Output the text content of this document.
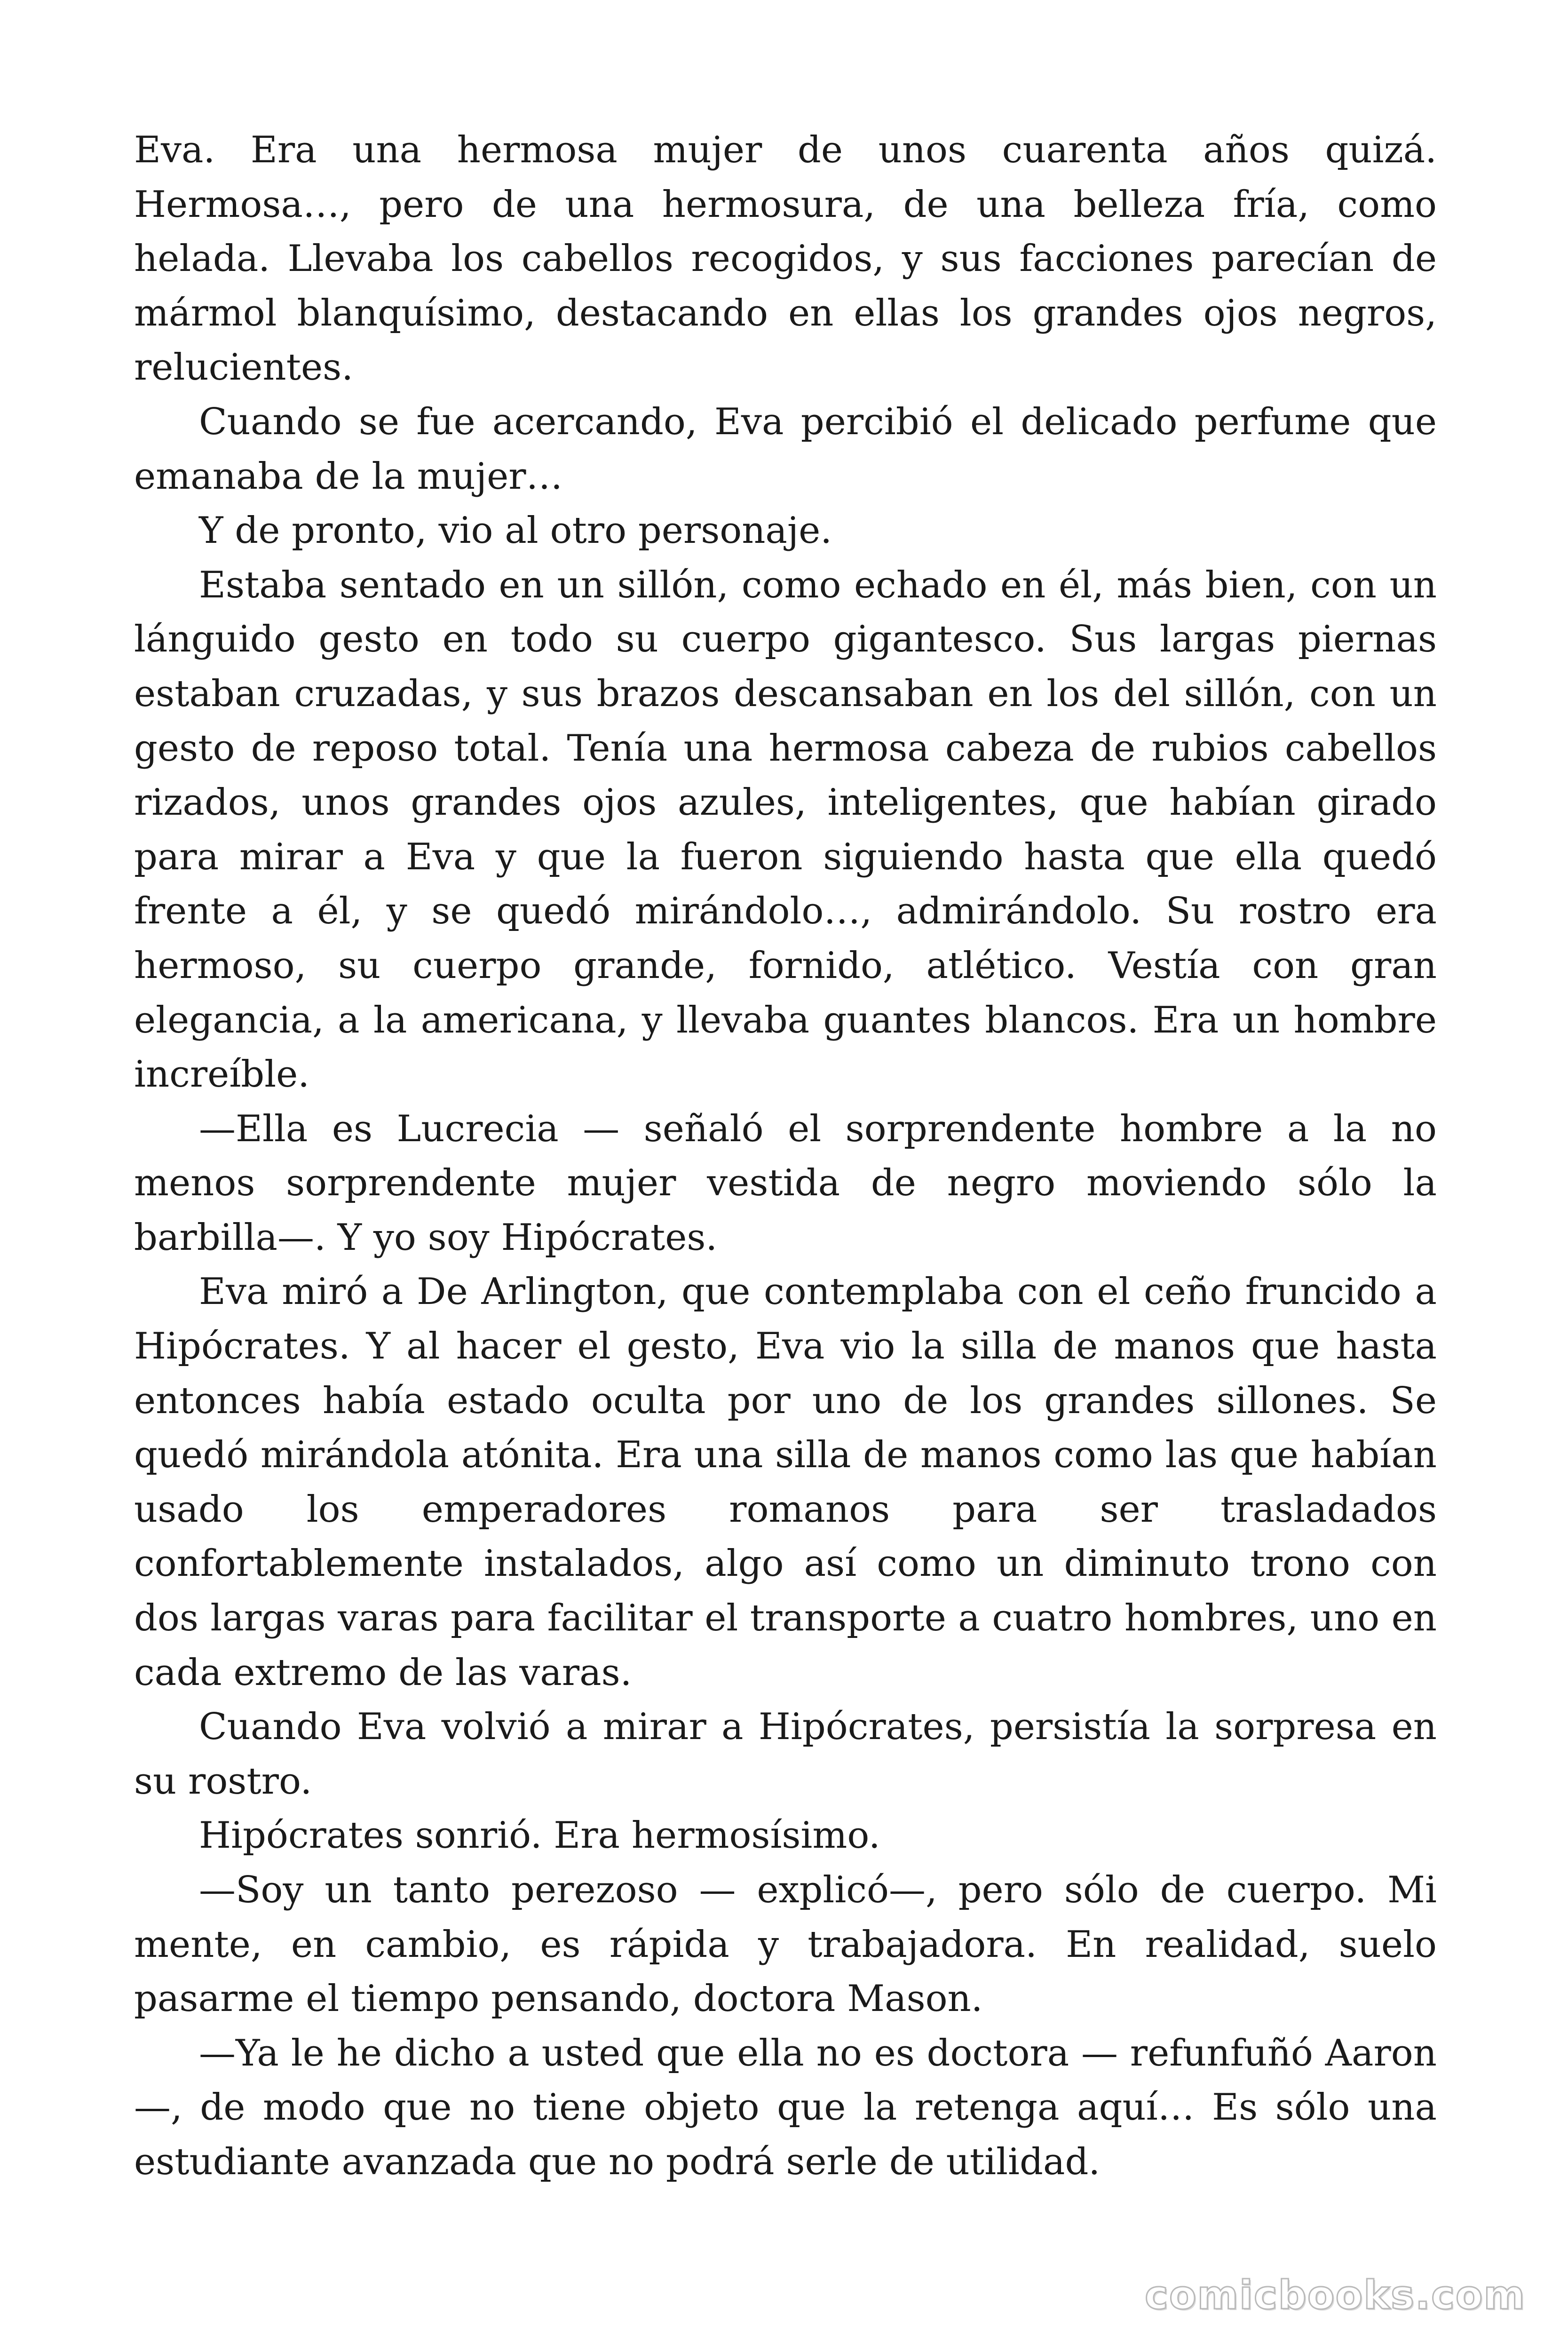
Eva. Era una hermosa mujer de unos cuarenta años quizá. Hermosa…, pero de una hermosura, de una belleza fría, como helada. Llevaba los cabellos recogidos, y sus facciones parecían de mármol blanquísimo, destacando en ellas los grandes ojos negros, relucientes.

Cuando se fue acercando, Eva percibió el delicado perfume que emanaba de la mujer…

Y de pronto, vio al otro personaje.

Estaba sentado en un sillón, como echado en él, más bien, con un lánguido gesto en todo su cuerpo gigantesco. Sus largas piernas estaban cruzadas, y sus brazos descansaban en los del sillón, con un gesto de reposo total. Tenía una hermosa cabeza de rubios cabellos rizados, unos grandes ojos azules, inteligentes, que habían girado para mirar a Eva y que la fueron siguiendo hasta que ella quedó frente a él, y se quedó mirándolo…, admirándolo. Su rostro era hermoso, su cuerpo grande, fornido, atlético. Vestía con gran elegancia, a la americana, y llevaba guantes blancos. Era un hombre increíble.

—Ella es Lucrecia — señaló el sorprendente hombre a la no menos sorprendente mujer vestida de negro moviendo sólo la barbilla—. Y yo soy Hipócrates.

Eva miró a De Arlington, que contemplaba con el ceño fruncido a Hipócrates. Y al hacer el gesto, Eva vio la silla de manos que hasta entonces había estado oculta por uno de los grandes sillones. Se quedó mirándola atónita. Era una silla de manos como las que habían usado los emperadores romanos para ser trasladados confortablemente instalados, algo así como un diminuto trono con dos largas varas para facilitar el transporte a cuatro hombres, uno en cada extremo de las varas.

Cuando Eva volvió a mirar a Hipócrates, persistía la sorpresa en su rostro.

Hipócrates sonrió. Era hermosísimo.

—Soy un tanto perezoso — explicó—, pero sólo de cuerpo. Mi mente, en cambio, es rápida y trabajadora. En realidad, suelo pasarme el tiempo pensando, doctora Mason.

—Ya le he dicho a usted que ella no es doctora — refunfuñó Aaron—, de modo que no tiene objeto que la retenga aquí… Es sólo una estudiante avanzada que no podrá serle de utilidad.

comicbooks.com
